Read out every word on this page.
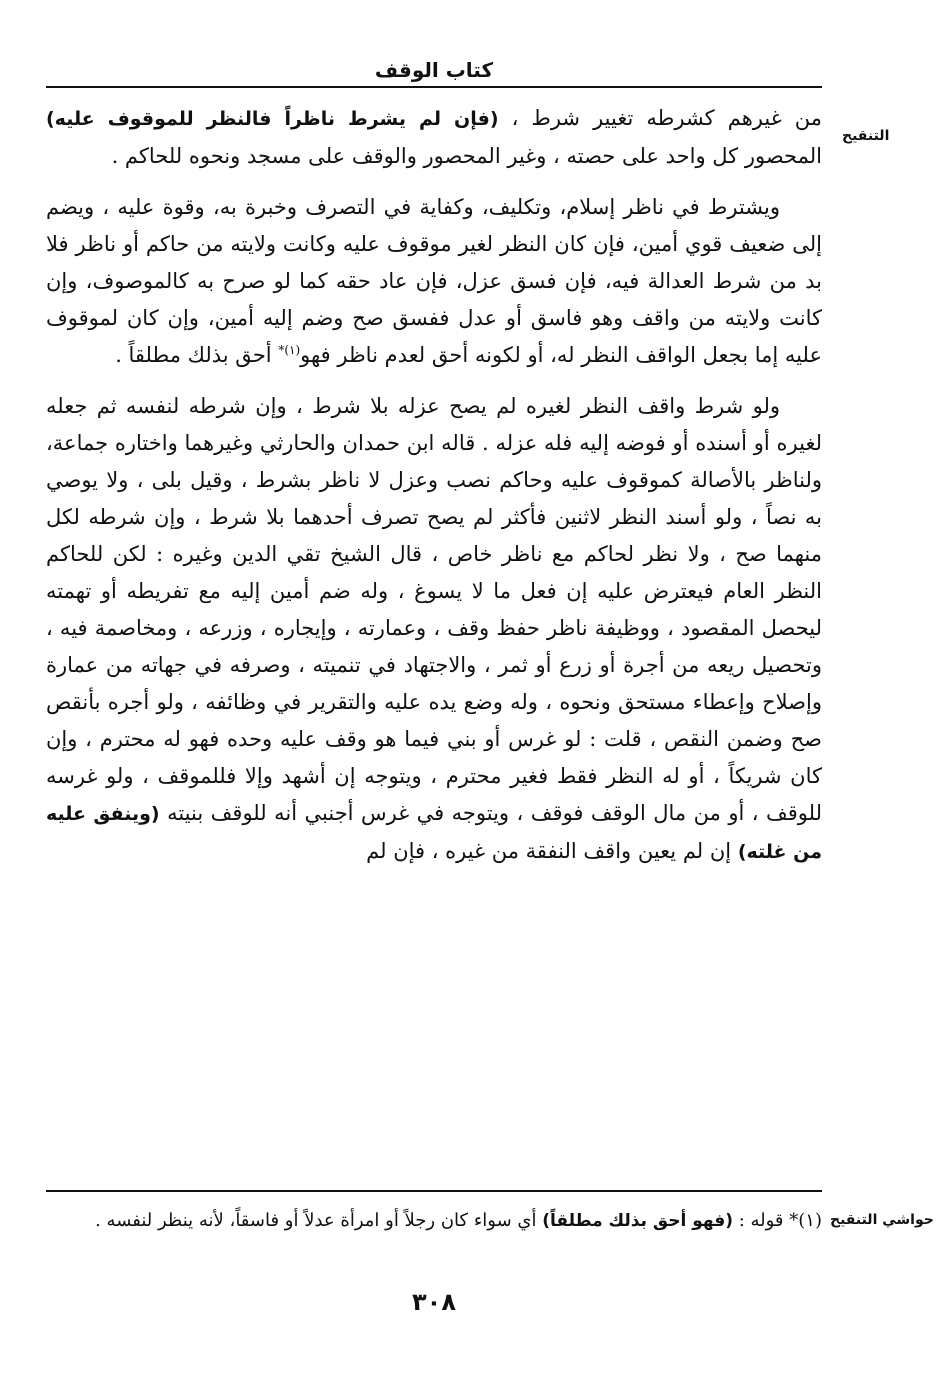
كتاب الوقف
التنقيح

من غيرهم كشرطه تغيير شرط ، (فإن لم يشرط ناظراً فالنظر للموقوف عليه) المحصور كل واحد على حصته ، وغير المحصور والوقف على مسجد ونحوه للحاكم .

ويشترط في ناظر إسلام، وتكليف، وكفاية في التصرف وخبرة به، وقوة عليه ، ويضم إلى ضعيف قوي أمين، فإن كان النظر لغير موقوف عليه وكانت ولايته من حاكم أو ناظر فلا بد من شرط العدالة فيه، فإن فسق عزل، فإن عاد حقه كما لو صرح به كالموصوف، وإن كانت ولايته من واقف وهو فاسق أو عدل ففسق صح وضم إليه أمين، وإن كان لموقوف عليه إما بجعل الواقف النظر له، أو لكونه أحق لعدم ناظر فهو$^{(١)*}$ أحق بذلك مطلقاً .

ولو شرط واقف النظر لغيره لم يصح عزله بلا شرط ، وإن شرطه لنفسه ثم جعله لغيره أو أسنده أو فوضه إليه فله عزله . قاله ابن حمدان والحارثي وغيرهما واختاره جماعة، ولناظر بالأصالة كموقوف عليه وحاكم نصب وعزل لا ناظر بشرط ، وقيل بلى ، ولا يوصي به نصاً ، ولو أسند النظر لاثنين فأكثر لم يصح تصرف أحدهما بلا شرط ، وإن شرطه لكل منهما صح ، ولا نظر لحاكم مع ناظر خاص ، قال الشيخ تقي الدين وغيره : لكن للحاكم النظر العام فيعترض عليه إن فعل ما لا يسوغ ، وله ضم أمين إليه مع تفريطه أو تهمته ليحصل المقصود ، ووظيفة ناظر حفظ وقف ، وعمارته ، وإيجاره ، وزرعه ، ومخاصمة فيه ، وتحصيل ريعه من أجرة أو زرع أو ثمر ، والاجتهاد في تنميته ، وصرفه في جهاته من عمارة وإصلاح وإعطاء مستحق ونحوه ، وله وضع يده عليه والتقرير في وظائفه ، ولو أجره بأنقص صح وضمن النقص ، قلت : لو غرس أو بني فيما هو وقف عليه وحده فهو له محترم ، وإن كان شريكاً ، أو له النظر فقط فغير محترم ، ويتوجه إن أشهد وإلا فللموقف ، ولو غرسه للوقف ، أو من مال الوقف فوقف ، ويتوجه في غرس أجنبي أنه للوقف بنيته (وينفق عليه من غلته) إن لم يعين واقف النفقة من غيره ، فإن لم

حواشي التنقيح
(١)* قوله : (فهو أحق بذلك مطلقاً) أي سواء كان رجلاً أو امرأة عدلاً أو فاسقاً، لأنه ينظر لنفسه .
٣٠٨
